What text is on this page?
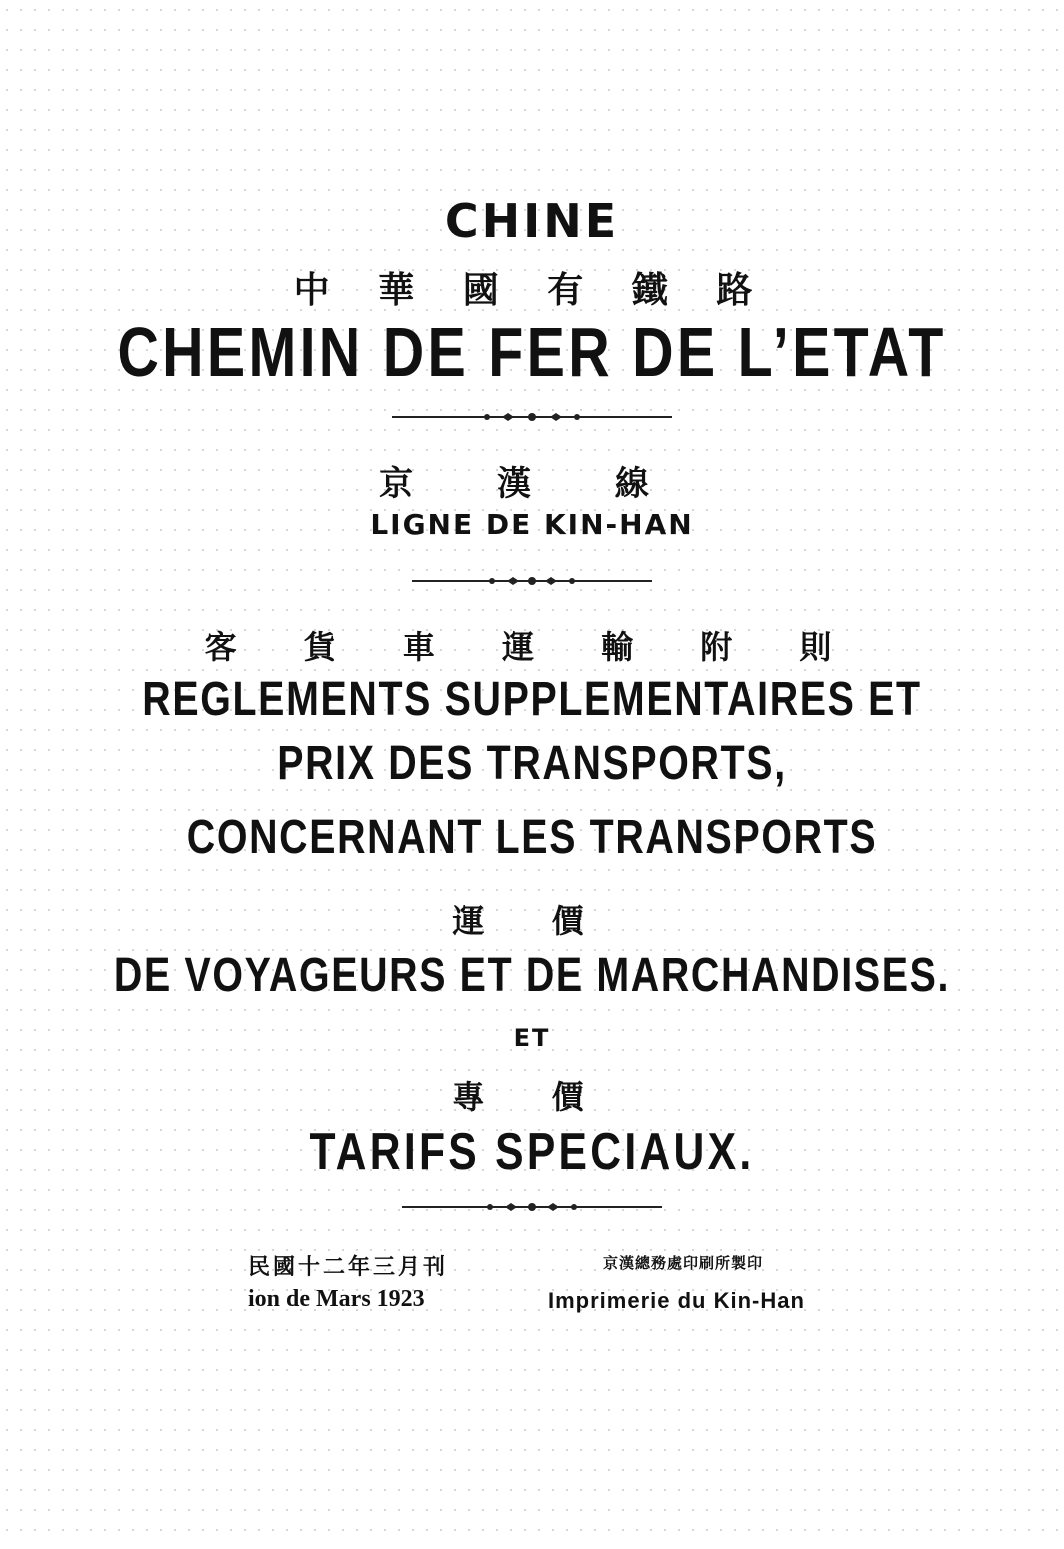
CHINE
中 華 國 有 鐵 路
CHEMIN DE FER DE L’ETAT
京 漢 線
LIGNE DE KIN-HAN
客 貨 車 運 輸 附 則
REGLEMENTS SUPPLEMENTAIRES ET
PRIX DES TRANSPORTS,
CONCERNANT LES TRANSPORTS
運 價
DE VOYAGEURS ET DE MARCHANDISES.
ET
專 價
TARIFS SPECIAUX.
民國十二年三月刊
ion de Mars 1923
京漢總務處印刷所製印
Imprimerie du Kin-Han
